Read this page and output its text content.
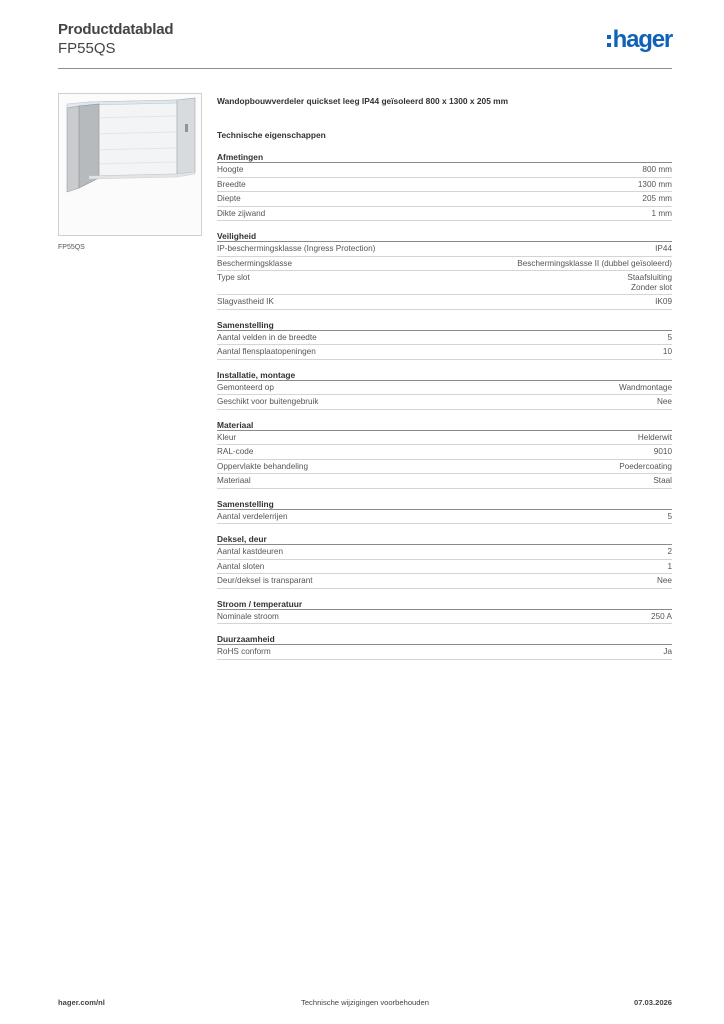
Productdatablad
FP55QS	hager
FP55QS
Wandopbouwverdeler quickset leeg IP44 geïsoleerd 800 x 1300 x 205 mm
Technische eigenschappen
Afmetingen
Hoogte	800 mm
Breedte	1300 mm
Diepte	205 mm
Dikte zijwand	1 mm
Veiligheid
IP-beschermingsklasse (Ingress Protection)	IP44
Beschermingsklasse	Beschermingsklasse II (dubbel geïsoleerd)
Type slot	Staafsluiting
Zonder slot
Slagvastheid IK	IK09
Samenstelling
Aantal velden in de breedte	5
Aantal flensplaatopeningen	10
Installatie, montage
Gemonteerd op	Wandmontage
Geschikt voor buitengebruik	Nee
Materiaal
Kleur	Helderwit
RAL-code	9010
Oppervlakte behandeling	Poedercoating
Materiaal	Staal
Samenstelling
Aantal verdelerrijen	5
Deksel, deur
Aantal kastdeuren	2
Aantal sloten	1
Deur/deksel is transparant	Nee
Stroom / temperatuur
Nominale stroom	250 A
Duurzaamheid
RoHS conform	Ja
hager.com/nl	Technische wijzigingen voorbehouden	07.03.2026
